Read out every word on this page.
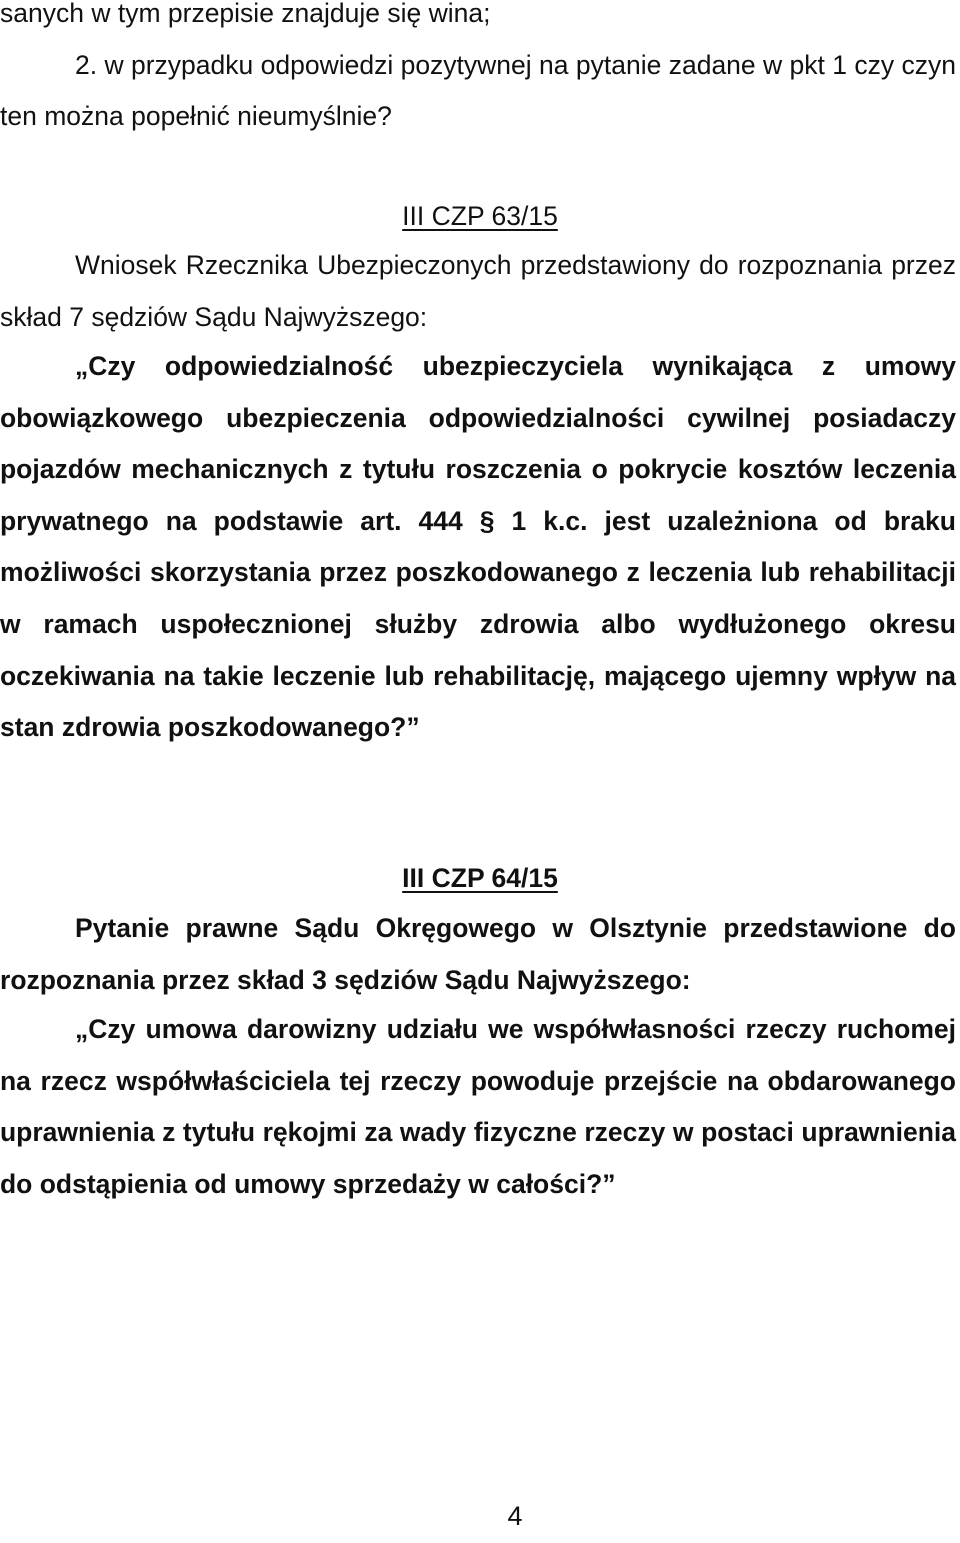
sanych w tym przepisie znajduje się wina;
2. w przypadku odpowiedzi pozytywnej na pytanie zadane w pkt 1 czy czyn ten można popełnić nieumyślnie?

III CZP 63/15

Wniosek Rzecznika Ubezpieczonych przedstawiony do rozpoznania przez skład 7 sędziów Sądu Najwyższego:

„Czy odpowiedzialność ubezpieczyciela wynikająca z umowy obowiązkowego ubezpieczenia odpowiedzialności cywilnej posiadaczy pojazdów mechanicznych z tytułu roszczenia o pokrycie kosztów leczenia prywatnego na podstawie art. 444 § 1 k.c. jest uzależniona od braku możliwości skorzystania przez poszkodowanego z leczenia lub rehabilitacji w ramach uspołecznionej służby zdrowia albo wydłużonego okresu oczekiwania na takie leczenie lub rehabilitację, mającego ujemny wpływ na stan zdrowia poszkodowanego?”

III CZP 64/15

Pytanie prawne Sądu Okręgowego w Olsztynie przedstawione do rozpoznania przez skład 3 sędziów Sądu Najwyższego:

„Czy umowa darowizny udziału we współwłasności rzeczy ruchomej na rzecz współwłaściciela tej rzeczy powoduje przejście na obdarowanego uprawnienia z tytułu rękojmi za wady fizyczne rzeczy w postaci uprawnienia do odstąpienia od umowy sprzedaży w całości?”

4
